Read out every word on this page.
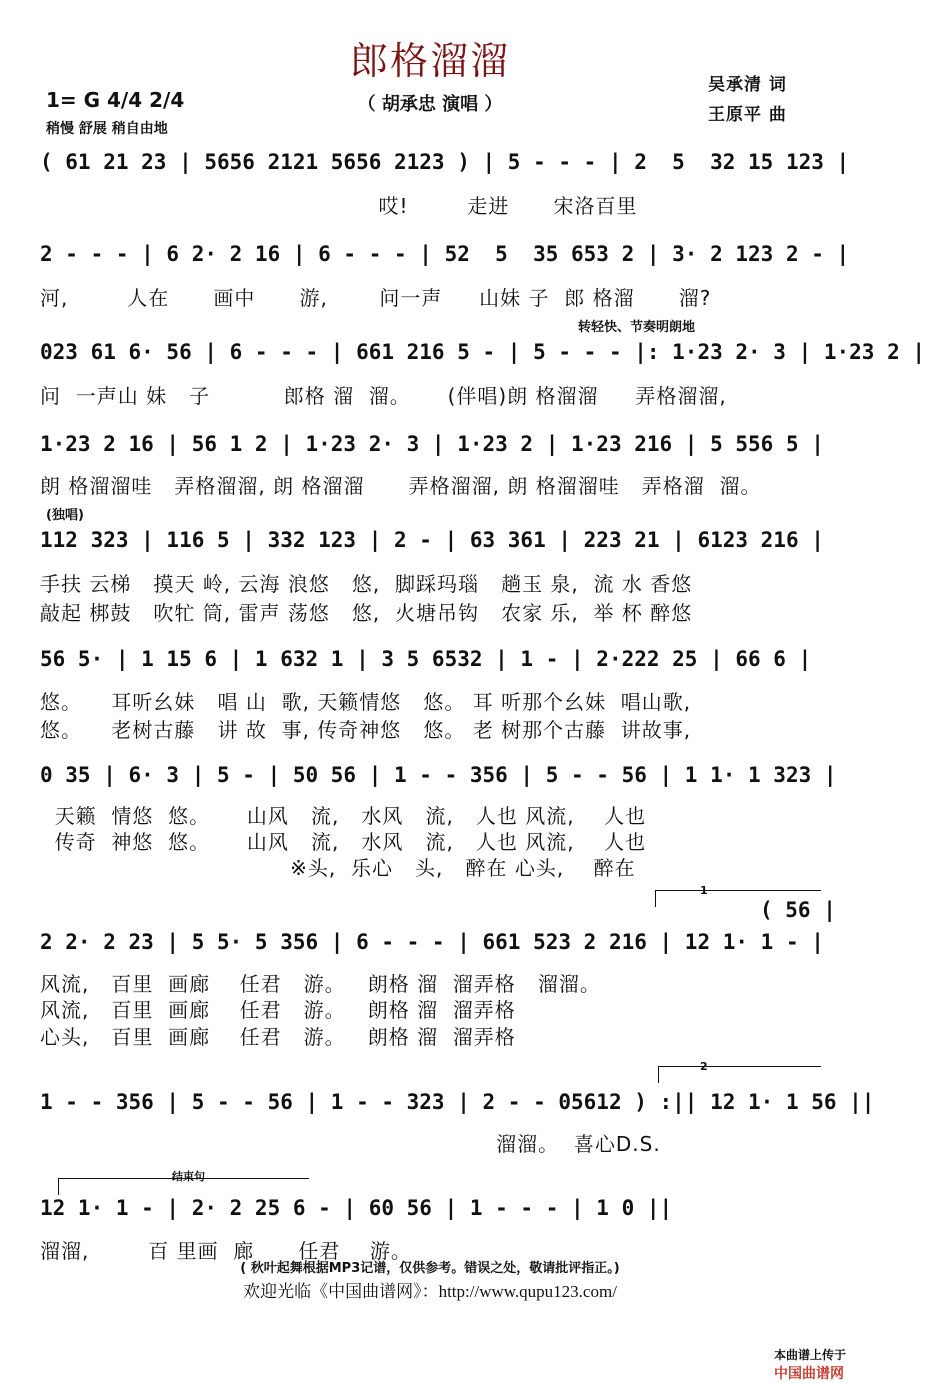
郎格溜溜
（ 胡承忠 演唱 ）
吴承清 词
王原平 曲
1= G 4/4 2/4
稍慢 舒展 稍自由地
( 61 21 23 | 5656 2121 5656 2123 ) | 5 - - - | 2  5  32 15 123 |
哎!        走进      宋洛百里
2 - - - | 6 2· 2 16 | 6 - - - | 52  5  35 653 2 | 3· 2 123 2 - |
河,        人在      画中      游,       问一声     山妹 子  郎 格溜      溜?
转轻快、节奏明朗地
023 61 6· 56 | 6 - - - | 661 216 5 - | 5 - - - |: 1·23 2· 3 | 1·23 2 |
问  一声山 妹   子          郎格 溜  溜。     (伴唱)朗 格溜溜     弄格溜溜,
1·23 2 16 | 56 1 2 | 1·23 2· 3 | 1·23 2 | 1·23 216 | 5 556 5 |
朗 格溜溜哇   弄格溜溜, 朗 格溜溜      弄格溜溜, 朗 格溜溜哇   弄格溜  溜。
(独唱)
112 323 | 116 5 | 332 123 | 2 - | 63 361 | 223 21 | 6123 216 |
手扶 云梯   摸天 岭, 云海 浪悠   悠,  脚踩玛瑙   趟玉 泉,  流 水 香悠
敲起 梆鼓   吹牤 筒, 雷声 荡悠   悠,  火塘吊钩   农家 乐,  举 杯 醉悠
56 5· | 1 15 6 | 1 632 1 | 3 5 6532 | 1 - | 2·222 25 | 66 6 |
悠。    耳听幺妹   唱 山  歌, 天籁情悠   悠。 耳 听那个幺妹  唱山歌,
悠。    老树古藤   讲 故  事, 传奇神悠   悠。 老 树那个古藤  讲故事,
0 35 | 6· 3 | 5 - | 50 56 | 1 - - 356 | 5 - - 56 | 1 1· 1 323 |
天籁  情悠  悠。     山风   流,   水风   流,   人也 风流,    人也
传奇  神悠  悠。     山风   流,   水风   流,   人也 风流,    人也
※头,  乐心   头,   醉在 心头,    醉在
1
( 56 |
2 2· 2 23 | 5 5· 5 356 | 6 - - - | 661 523 2 216 | 12 1· 1 - |
风流,   百里  画廊    任君   游。   朗格 溜  溜弄格   溜溜。
风流,   百里  画廊    任君   游。   朗格 溜  溜弄格
心头,   百里  画廊    任君   游。   朗格 溜  溜弄格
2
1 - - 356 | 5 - - 56 | 1 - - 323 | 2 - - 05612 ) :|| 12 1· 1 56 ||
溜溜。  喜心D.S.
结束句
12 1· 1 - | 2· 2 25 6 - | 60 56 | 1 - - - | 1 0 ||
溜溜,        百 里画  廊      任君    游。
( 秋叶起舞根据MP3记谱，仅供参考。错误之处，敬请批评指正。)
欢迎光临《中国曲谱网》：http://www.qupu123.com/

本曲谱上传于
中国曲谱网
